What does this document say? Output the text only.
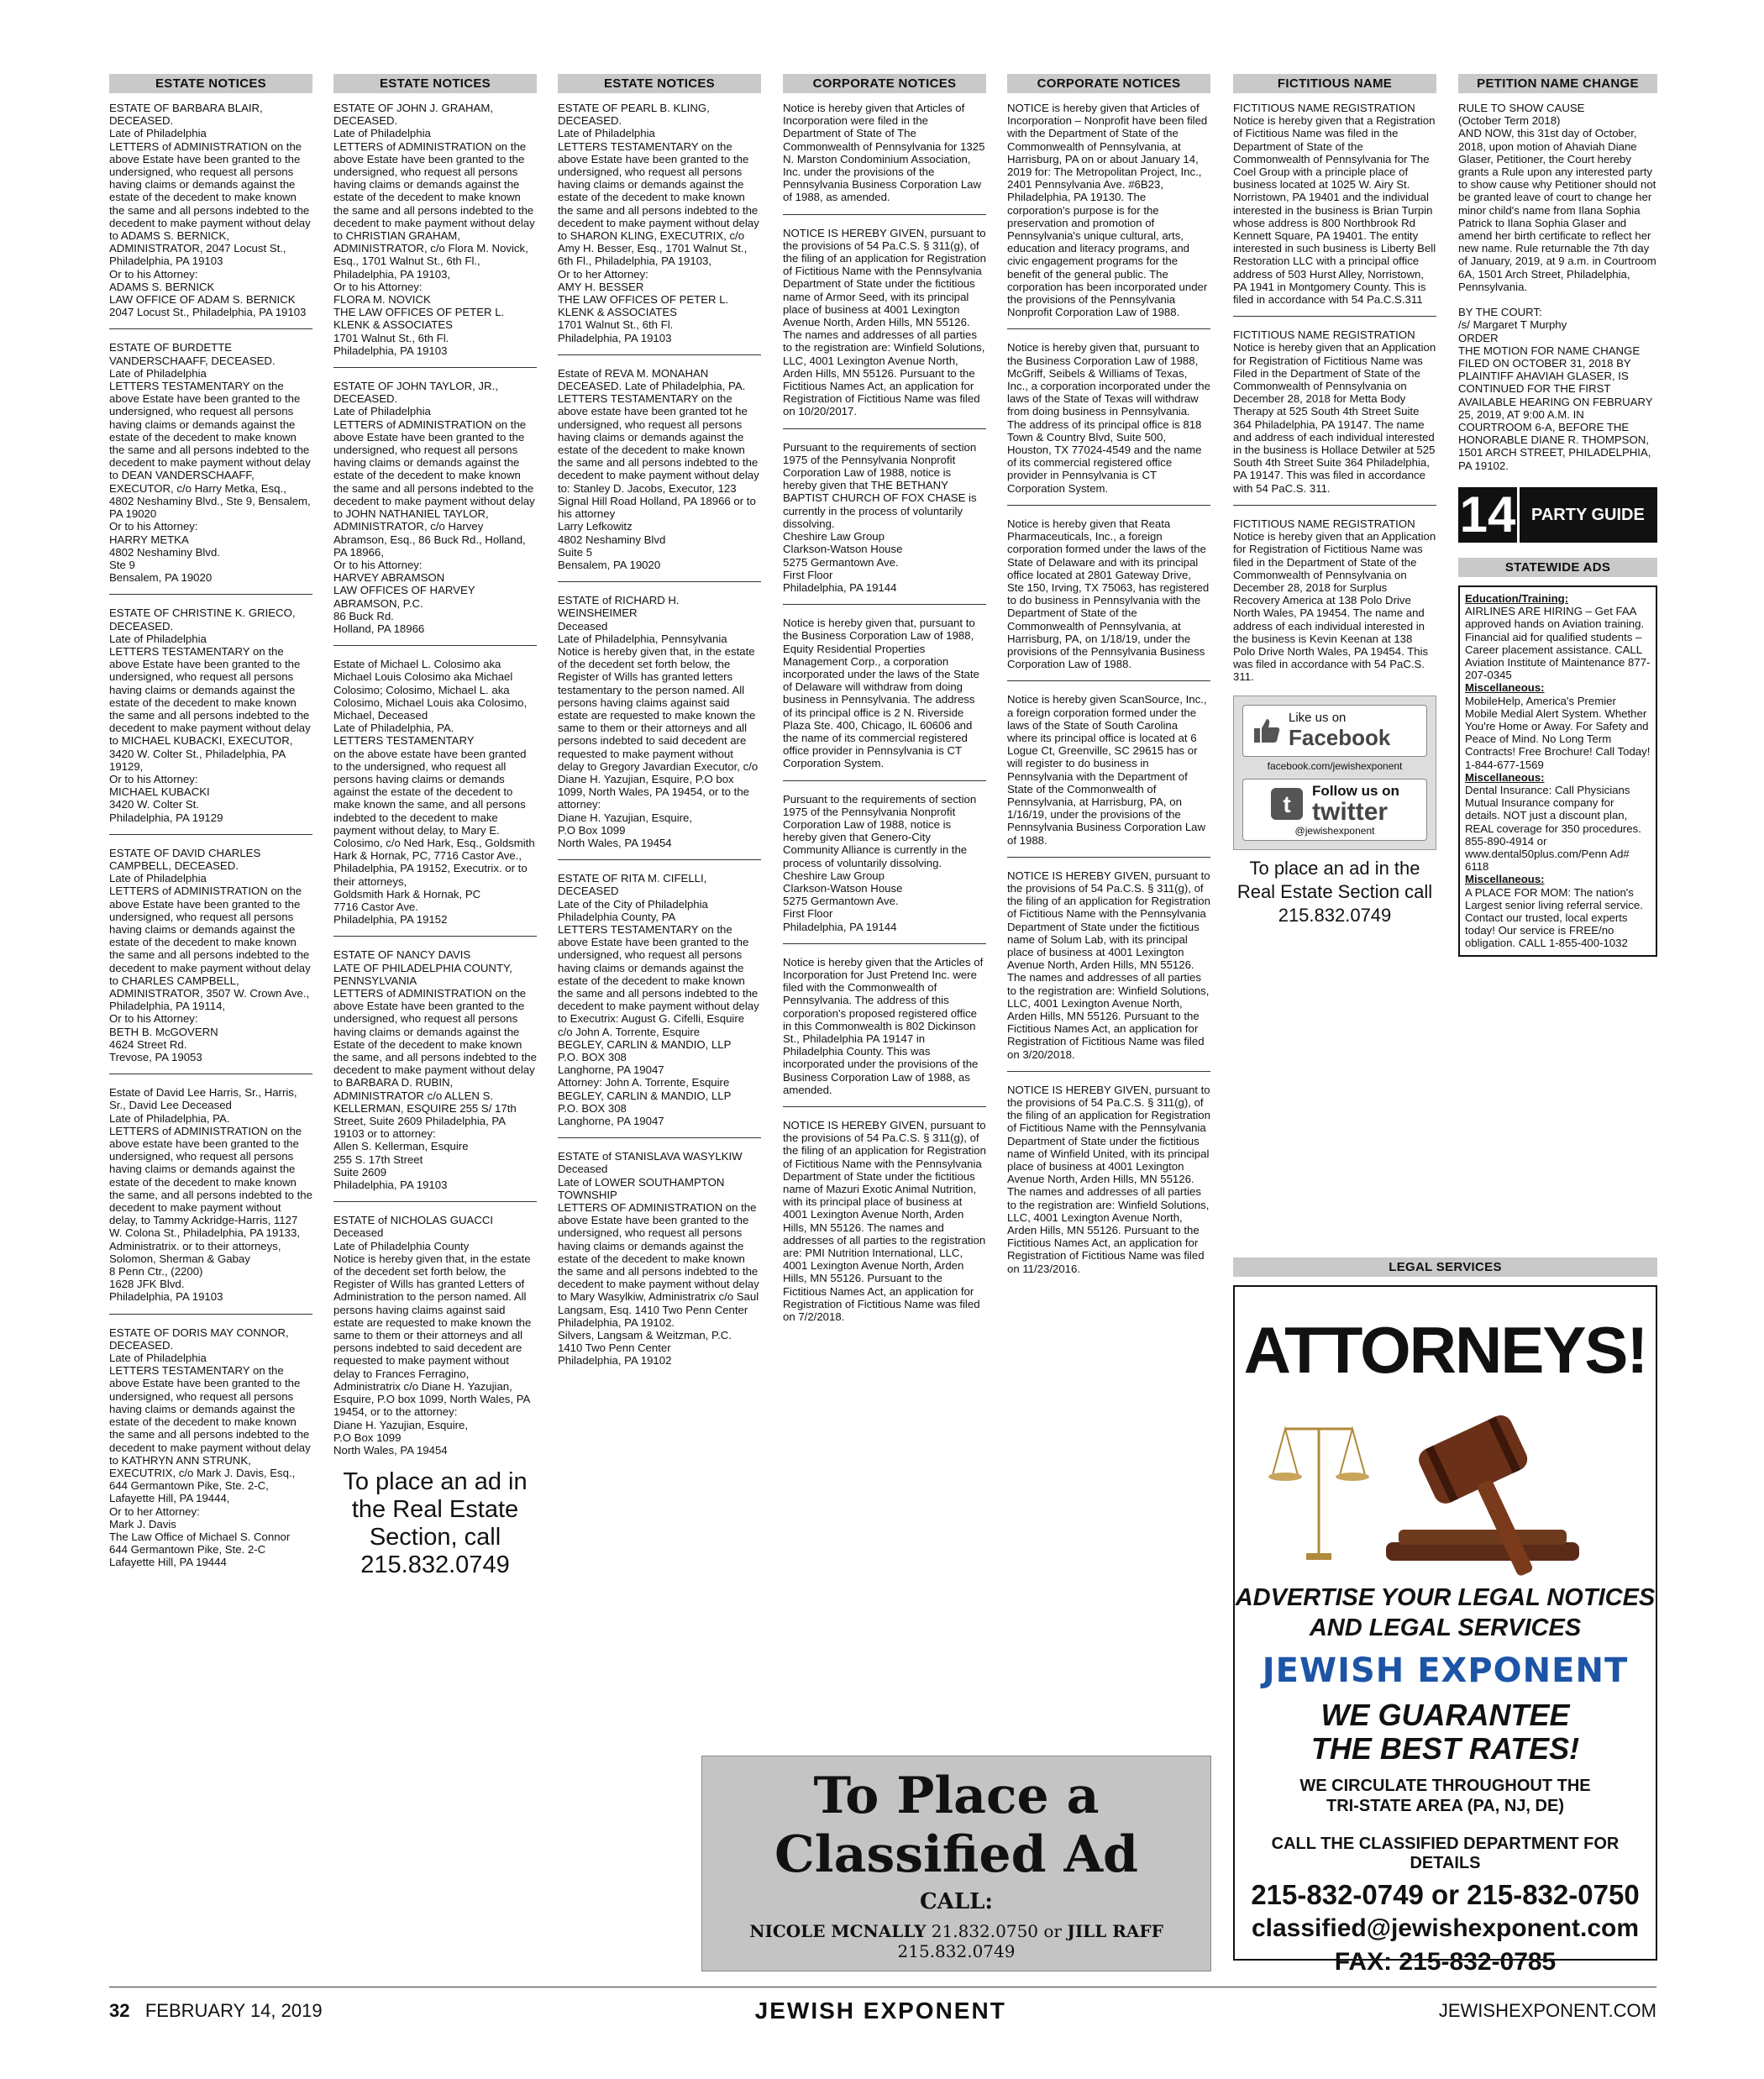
ESTATE NOTICES

ESTATE OF BARBARA BLAIR, DECEASED.
Late of Philadelphia
LETTERS of ADMINISTRATION on the above Estate have been granted to the undersigned, who request all persons having claims or demands against the estate of the decedent to make known the same and all persons indebted to the decedent to make payment without delay to ADAMS S. BERNICK, ADMINISTRATOR, 2047 Locust St., Philadelphia, PA 19103
Or to his Attorney:
ADAMS S. BERNICK
LAW OFFICE OF ADAM S. BERNICK
2047 Locust St., Philadelphia, PA 19103

ESTATE OF BURDETTE VANDERSCHAAFF, DECEASED.
Late of Philadelphia
LETTERS TESTAMENTARY on the above Estate have been granted to the undersigned, who request all persons having claims or demands against the estate of the decedent to make known the same and all persons indebted to the decedent to make payment without delay to DEAN VANDERSCHAAFF, EXECUTOR, c/o Harry Metka, Esq., 4802 Neshaminy Blvd., Ste 9, Bensalem, PA 19020
Or to his Attorney:
HARRY METKA
4802 Neshaminy Blvd.
Ste 9
Bensalem, PA 19020

ESTATE OF CHRISTINE K. GRIECO, DECEASED.
Late of Philadelphia
LETTERS TESTAMENTARY on the above Estate have been granted to the undersigned, who request all persons having claims or demands against the estate of the decedent to make known the same and all persons indebted to the decedent to make payment without delay to MICHAEL KUBACKI, EXECUTOR, 3420 W. Colter St., Philadelphia, PA 19129,
Or to his Attorney:
MICHAEL KUBACKI
3420 W. Colter St.
Philadelphia, PA 19129

ESTATE OF DAVID CHARLES CAMPBELL, DECEASED.
Late of Philadelphia
LETTERS of ADMINISTRATION on the above Estate have been granted to the undersigned, who request all persons having claims or demands against the estate of the decedent to make known the same and all persons indebted to the decedent to make payment without delay to CHARLES CAMPBELL, ADMINISTRATOR, 3507 W. Crown Ave., Philadelphia, PA 19114,
Or to his Attorney:
BETH B. McGOVERN
4624 Street Rd.
Trevose, PA 19053

Estate of David Lee Harris, Sr., Harris, Sr., David Lee Deceased
Late of Philadelphia, PA.
LETTERS of ADMINISTRATION on the above estate have been granted to the undersigned, who request all persons having claims or demands against the estate of the decedent to make known the same, and all persons indebted to the decedent to make payment without delay, to Tammy Ackridge-Harris, 1127 W. Colona St., Philadelphia, PA 19133, Administratrix. or to their attorneys,
Solomon, Sherman & Gabay
8 Penn Ctr., (2200)
1628 JFK Blvd.
Philadelphia, PA 19103

ESTATE OF DORIS MAY CONNOR, DECEASED.
Late of Philadelphia
LETTERS TESTAMENTARY on the above Estate have been granted to the undersigned, who request all persons having claims or demands against the estate of the decedent to make known the same and all persons indebted to the decedent to make payment without delay to KATHRYN ANN STRUNK, EXECUTRIX, c/o Mark J. Davis, Esq., 644 Germantown Pike, Ste. 2-C, Lafayette Hill, PA 19444,
Or to her Attorney:
Mark J. Davis
The Law Office of Michael S. Connor
644 Germantown Pike, Ste. 2-C
Lafayette Hill, PA 19444

ESTATE NOTICES

ESTATE OF JOHN J. GRAHAM, DECEASED.
Late of Philadelphia
LETTERS of ADMINISTRATION on the above Estate have been granted to the undersigned, who request all persons having claims or demands against the estate of the decedent to make known the same and all persons indebted to the decedent to make payment without delay to CHRISTIAN GRAHAM, ADMINISTRATOR, c/o Flora M. Novick, Esq., 1701 Walnut St., 6th Fl., Philadelphia, PA 19103,
Or to his Attorney:
FLORA M. NOVICK
THE LAW OFFICES OF PETER L. KLENK & ASSOCIATES
1701 Walnut St., 6th Fl.
Philadelphia, PA 19103

ESTATE OF JOHN TAYLOR, JR., DECEASED.
Late of Philadelphia
LETTERS of ADMINISTRATION on the above Estate have been granted to the undersigned, who request all persons having claims or demands against the estate of the decedent to make known the same and all persons indebted to the decedent to make payment without delay to JOHN NATHANIEL TAYLOR, ADMINISTRATOR, c/o Harvey Abramson, Esq., 86 Buck Rd., Holland, PA 18966,
Or to his Attorney:
HARVEY ABRAMSON
LAW OFFICES OF HARVEY ABRAMSON, P.C.
86 Buck Rd.
Holland, PA 18966

Estate of Michael L. Colosimo aka Michael Louis Colosimo aka Michael Colosimo; Colosimo, Michael L. aka Colosimo, Michael Louis aka Colosimo, Michael, Deceased
Late of Philadelphia, PA.
LETTERS TESTAMENTARY
on the above estate have been granted to the undersigned, who request all persons having claims or demands against the estate of the decedent to make known the same, and all persons indebted to the decedent to make payment without delay, to Mary E. Colosimo, c/o Ned Hark, Esq., Goldsmith Hark & Hornak, PC, 7716 Castor Ave., Philadelphia, PA 19152, Executrix. or to their attorneys,
Goldsmith Hark & Hornak, PC
7716 Castor Ave.
Philadelphia, PA 19152

ESTATE OF NANCY DAVIS
LATE OF PHILADELPHIA COUNTY, PENNSYLVANIA
LETTERS of ADMINISTRATION on the above Estate have been granted to the undersigned, who request all persons having claims or demands against the Estate of the decedent to make known the same, and all persons indebted to the decedent to make payment without delay to BARBARA D. RUBIN, ADMINISTRATOR c/o ALLEN S. KELLERMAN, ESQUIRE 255 S/ 17th Street, Suite 2609 Philadelphia, PA 19103 or to attorney:
Allen S. Kellerman, Esquire
255 S. 17th Street
Suite 2609
Philadelphia, PA 19103

ESTATE of NICHOLAS GUACCI
Deceased
Late of Philadelphia County
Notice is hereby given that, in the estate of the decedent set forth below, the Register of Wills has granted Letters of Administration to the person named. All persons having claims against said estate are requested to make known the same to them or their attorneys and all persons indebted to said decedent are requested to make payment without delay to Frances Ferragino, Administratrix c/o Diane H. Yazujian, Esquire, P.O box 1099, North Wales, PA 19454, or to the attorney:
Diane H. Yazujian, Esquire,
P.O Box 1099
North Wales, PA 19454

To place an ad in the Real Estate Section, call 215.832.0749
ESTATE NOTICES

ESTATE OF PEARL B. KLING, DECEASED.
Late of Philadelphia
LETTERS TESTAMENTARY on the above Estate have been granted to the undersigned, who request all persons having claims or demands against the estate of the decedent to make known the same and all persons indebted to the decedent to make payment without delay to SHARON KLING, EXECUTRIX, c/o Amy H. Besser, Esq., 1701 Walnut St., 6th Fl., Philadelphia, PA 19103,
Or to her Attorney:
AMY H. BESSER
THE LAW OFFICES OF PETER L. KLENK & ASSOCIATES
1701 Walnut St., 6th Fl.
Philadelphia, PA 19103

Estate of REVA M. MONAHAN DECEASED. Late of Philadelphia, PA. LETTERS TESTAMENTARY on the above estate have been granted tot he undersigned, who request all persons having claims or demands against the estate of the decedent to make known the same and all persons indebted to the decedent to make payment without delay to: Stanley D. Jacobs, Executor, 123 Signal Hill Road Holland, PA 18966 or to his attorney
Larry Lefkowitz
4802 Neshaminy Blvd
Suite 5
Bensalem, PA 19020

ESTATE of RICHARD H. WEINSHEIMER
Deceased
Late of Philadelphia, Pennsylvania
Notice is hereby given that, in the estate of the decedent set forth below, the Register of Wills has granted letters testamentary to the person named. All persons having claims against said estate are requested to make known the same to them or their attorneys and all persons indebted to said decedent are requested to make payment without delay to Gregory Javardian Executor, c/o Diane H. Yazujian, Esquire, P.O box 1099, North Wales, PA 19454, or to the attorney:
Diane H. Yazujian, Esquire,
P.O Box 1099
North Wales, PA 19454

ESTATE OF RITA M. CIFELLI, DECEASED
Late of the City of Philadelphia
Philadelphia County, PA
LETTERS TESTAMENTARY on the above Estate have been granted to the undersigned, who request all persons having claims or demands against the estate of the decedent to make known the same and all persons indebted to the decedent to make payment without delay to Executrix: August G. Cifelli, Esquire c/o John A. Torrente, Esquire
BEGLEY, CARLIN & MANDIO, LLP
P.O. BOX 308
Langhorne, PA 19047
Attorney: John A. Torrente, Esquire
BEGLEY, CARLIN & MANDIO, LLP
P.O. BOX 308
Langhorne, PA 19047

ESTATE of STANISLAVA WASYLKIW
Deceased
Late of LOWER SOUTHAMPTON TOWNSHIP
LETTERS OF ADMINISTRATION on the above Estate have been granted to the undersigned, who request all persons having claims or demands against the estate of the decedent to make known the same and all persons indebted to the decedent to make payment without delay to Mary Wasylkiw, Administratrix c/o Saul Langsam, Esq. 1410 Two Penn Center Philadelphia, PA 19102.
Silvers, Langsam & Weitzman, P.C.
1410 Two Penn Center
Philadelphia, PA 19102

CORPORATE NOTICES

Notice is hereby given that Articles of Incorporation were filed in the Department of State of The Commonwealth of Pennsylvania for 1325 N. Marston Condominium Association, Inc. under the provisions of the Pennsylvania Business Corporation Law of 1988, as amended.

NOTICE IS HEREBY GIVEN, pursuant to the provisions of 54 Pa.C.S. § 311(g), of the filing of an application for Registration of Fictitious Name with the Pennsylvania Department of State under the fictitious name of Armor Seed, with its principal place of business at 4001 Lexington Avenue North, Arden Hills, MN 55126. The names and addresses of all parties to the registration are: Winfield Solutions, LLC, 4001 Lexington Avenue North, Arden Hills, MN 55126. Pursuant to the Fictitious Names Act, an application for Registration of Fictitious Name was filed on 10/20/2017.

Pursuant to the requirements of section 1975 of the Pennsylvania Nonprofit Corporation Law of 1988, notice is hereby given that THE BETHANY BAPTIST CHURCH OF FOX CHASE is currently in the process of voluntarily dissolving.
Cheshire Law Group
Clarkson-Watson House
5275 Germantown Ave.
First Floor
Philadelphia, PA 19144

Notice is hereby given that, pursuant to the Business Corporation Law of 1988, Equity Residential Properties Management Corp., a corporation incorporated under the laws of the State of Delaware will withdraw from doing business in Pennsylvania. The address of its principal office is 2 N. Riverside Plaza Ste. 400, Chicago, IL 60606 and the name of its commercial registered office provider in Pennsylvania is CT Corporation System.

Pursuant to the requirements of section 1975 of the Pennsylvania Nonprofit Corporation Law of 1988, notice is hereby given that Genero-City Community Alliance is currently in the process of voluntarily dissolving.
Cheshire Law Group
Clarkson-Watson House
5275 Germantown Ave.
First Floor
Philadelphia, PA 19144

Notice is hereby given that the Articles of Incorporation for Just Pretend Inc. were filed with the Commonwealth of Pennsylvania. The address of this corporation's proposed registered office in this Commonwealth is 802 Dickinson St., Philadelphia PA 19147 in Philadelphia County. This was incorporated under the provisions of the Business Corporation Law of 1988, as amended.

NOTICE IS HEREBY GIVEN, pursuant to the provisions of 54 Pa.C.S. § 311(g), of the filing of an application for Registration of Fictitious Name with the Pennsylvania Department of State under the fictitious name of Mazuri Exotic Animal Nutrition, with its principal place of business at 4001 Lexington Avenue North, Arden Hills, MN 55126. The names and addresses of all parties to the registration are: PMI Nutrition International, LLC, 4001 Lexington Avenue North, Arden Hills, MN 55126. Pursuant to the Fictitious Names Act, an application for Registration of Fictitious Name was filed on 7/2/2018.

CORPORATE NOTICES

NOTICE is hereby given that Articles of Incorporation – Nonprofit have been filed with the Department of State of the Commonwealth of Pennsylvania, at Harrisburg, PA on or about January 14, 2019 for: The Metropolitan Project, Inc., 2401 Pennsylvania Ave. #6B23, Philadelphia, PA 19130. The corporation's purpose is for the preservation and promotion of Pennsylvania's unique cultural, arts, education and literacy programs, and civic engagement programs for the benefit of the general public. The corporation has been incorporated under the provisions of the Pennsylvania Nonprofit Corporation Law of 1988.

Notice is hereby given that, pursuant to the Business Corporation Law of 1988, McGriff, Seibels & Williams of Texas, Inc., a corporation incorporated under the laws of the State of Texas will withdraw from doing business in Pennsylvania. The address of its principal office is 818 Town & Country Blvd, Suite 500, Houston, TX 77024-4549 and the name of its commercial registered office provider in Pennsylvania is CT Corporation System.

Notice is hereby given that Reata Pharmaceuticals, Inc., a foreign corporation formed under the laws of the State of Delaware and with its principal office located at 2801 Gateway Drive, Ste 150, Irving, TX 75063, has registered to do business in Pennsylvania with the Department of State of the Commonwealth of Pennsylvania, at Harrisburg, PA, on 1/18/19, under the provisions of the Pennsylvania Business Corporation Law of 1988.

Notice is hereby given ScanSource, Inc., a foreign corporation formed under the laws of the State of South Carolina where its principal office is located at 6 Logue Ct, Greenville, SC 29615 has or will register to do business in Pennsylvania with the Department of State of the Commonwealth of Pennsylvania, at Harrisburg, PA, on 1/16/19, under the provisions of the Pennsylvania Business Corporation Law of 1988.

NOTICE IS HEREBY GIVEN, pursuant to the provisions of 54 Pa.C.S. § 311(g), of the filing of an application for Registration of Fictitious Name with the Pennsylvania Department of State under the fictitious name of Solum Lab, with its principal place of business at 4001 Lexington Avenue North, Arden Hills, MN 55126. The names and addresses of all parties to the registration are: Winfield Solutions, LLC, 4001 Lexington Avenue North, Arden Hills, MN 55126. Pursuant to the Fictitious Names Act, an application for Registration of Fictitious Name was filed on 3/20/2018.

NOTICE IS HEREBY GIVEN, pursuant to the provisions of 54 Pa.C.S. § 311(g), of the filing of an application for Registration of Fictitious Name with the Pennsylvania Department of State under the fictitious name of Winfield United, with its principal place of business at 4001 Lexington Avenue North, Arden Hills, MN 55126. The names and addresses of all parties to the registration are: Winfield Solutions, LLC, 4001 Lexington Avenue North, Arden Hills, MN 55126. Pursuant to the Fictitious Names Act, an application for Registration of Fictitious Name was filed on 11/23/2016.

FICTITIOUS NAME

FICTITIOUS NAME REGISTRATION
Notice is hereby given that a Registration of Fictitious Name was filed in the Department of State of the Commonwealth of Pennsylvania for The Coel Group with a principle place of business located at 1025 W. Airy St. Norristown, PA 19401 and the individual interested in the business is Brian Turpin whose address is 800 Northbrook Rd Kennett Square, PA 19401. The entity interested in such business is Liberty Bell Restoration LLC with a principal office address of 503 Hurst Alley, Norristown, PA 1941 in Montgomery County. This is filed in accordance with 54 Pa.C.S.311

FICTITIOUS NAME REGISTRATION
Notice is hereby given that an Application for Registration of Fictitious Name was Filed in the Department of State of the Commonwealth of Pennsylvania on December 28, 2018 for Metta Body Therapy at 525 South 4th Street Suite 364 Philadelphia, PA 19147. The name and address of each individual interested in the business is Hollace Detwiler at 525 South 4th Street Suite 364 Philadelphia, PA 19147. This was filed in accordance with 54 PaC.S. 311.

FICTITIOUS NAME REGISTRATION
Notice is hereby given that an Application for Registration of Fictitious Name was filed in the Department of State of the Commonwealth of Pennsylvania on December 28, 2018 for Surplus Recovery America at 138 Polo Drive North Wales, PA 19454. The name and address of each individual interested in the business is Kevin Keenan at 138 Polo Drive North Wales, PA 19454. This was filed in accordance with 54 PaC.S. 311.

Like us on
Facebook
facebook.com/jewishexponent
t
Follow us on
twitter
@jewishexponent
To place an ad in the Real Estate Section call 215.832.0749
PETITION NAME CHANGE

RULE TO SHOW CAUSE
(October Term 2018)
AND NOW, this 31st day of October, 2018, upon motion of Ahaviah Diane Glaser, Petitioner, the Court hereby grants a Rule upon any interested party to show cause why Petitioner should not be granted leave of court to change her minor child's name from Ilana Sophia Patrick to Ilana Sophia Glaser and amend her birth certificate to reflect her new name. Rule returnable the 7th day of January, 2019, at 9 a.m. in Courtroom 6A, 1501 Arch Street, Philadelphia, Pennsylvania.

BY THE COURT:
/s/ Margaret T Murphy
ORDER
THE MOTION FOR NAME CHANGE FILED ON OCTOBER 31, 2018 BY PLAINTIFF AHAVIAH GLASER, IS CONTINUED FOR THE FIRST AVAILABLE HEARING ON FEBRUARY 25, 2019, AT 9:00 A.M. IN COURTROOM 6-A, BEFORE THE HONORABLE DIANE R. THOMPSON, 1501 ARCH STREET, PHILADELPHIA, PA 19102.

14 PARTY GUIDE
STATEWIDE ADS
Education/Training:
AIRLINES ARE HIRING – Get FAA approved hands on Aviation training. Financial aid for qualified students – Career placement assistance. CALL Aviation Institute of Maintenance 877-207-0345
Miscellaneous:
MobileHelp, America's Premier Mobile Medial Alert System. Whether You're Home or Away. For Safety and Peace of Mind. No Long Term Contracts! Free Brochure! Call Today! 1-844-677-1569
Miscellaneous:
Dental Insurance: Call Physicians Mutual Insurance company for details. NOT just a discount plan, REAL coverage for 350 procedures. 855-890-4914 or www.dental50plus.com/Penn Ad# 6118
Miscellaneous:
A PLACE FOR MOM: The nation's Largest senior living referral service. Contact our trusted, local experts today! Our service is FREE/no obligation. CALL 1-855-400-1032
To Place a
Classified Ad
CALL:
NICOLE MCNALLY 21.832.0750 or JILL RAFF 215.832.0749
LEGAL SERVICES
ATTORNEYS!
ADVERTISE YOUR LEGAL NOTICES
AND LEGAL SERVICES
JEWISH EXPONENT
WE GUARANTEE
THE BEST RATES!
WE CIRCULATE THROUGHOUT THE
TRI-STATE AREA (PA, NJ, DE)
CALL THE CLASSIFIED DEPARTMENT FOR DETAILS
215-832-0749 or 215-832-0750
classified@jewishexponent.com
FAX: 215-832-0785
32 FEBRUARY 14, 2019	JEWISH EXPONENT	JEWISHEXPONENT.COM
